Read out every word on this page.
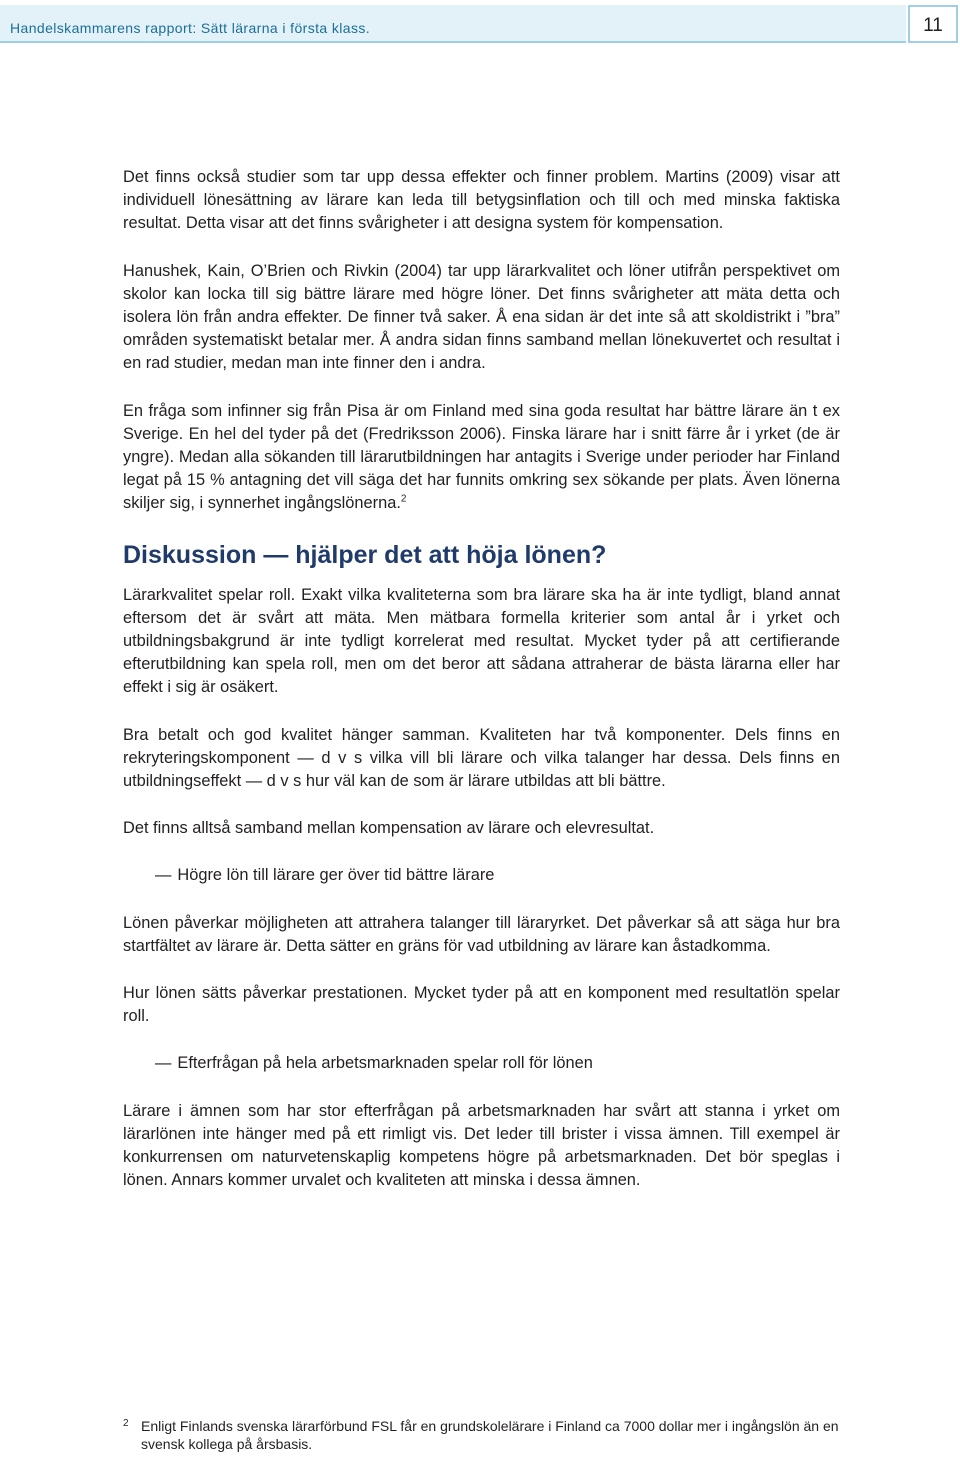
Handelskammarens rapport: Sätt lärarna i första klass.	11

Det finns också studier som tar upp dessa effekter och finner problem. Martins (2009) visar att individuell lönesättning av lärare kan leda till betygsinflation och till och med minska faktiska resultat. Detta visar att det finns svårigheter i att designa system för kompensation.

Hanushek, Kain, O’Brien och Rivkin (2004) tar upp lärarkvalitet och löner utifrån perspektivet om skolor kan locka till sig bättre lärare med högre löner. Det finns svårigheter att mäta detta och isolera lön från andra effekter. De finner två saker. Å ena sidan är det inte så att skoldistrikt i ”bra” områden systematiskt betalar mer. Å andra sidan finns samband mellan lönekuvertet och resultat i en rad studier, medan man inte finner den i andra.

En fråga som infinner sig från Pisa är om Finland med sina goda resultat har bättre lärare än t ex Sverige. En hel del tyder på det (Fredriksson 2006). Finska lärare har i snitt färre år i yrket (de är yngre). Medan alla sökanden till lärarutbildningen har antagits i Sverige under perioder har Finland legat på 15 % antagning det vill säga det har funnits omkring sex sökande per plats. Även lönerna skiljer sig, i synnerhet ingångslönerna.$^2$

Diskussion — hjälper det att höja lönen?

Lärarkvalitet spelar roll. Exakt vilka kvaliteterna som bra lärare ska ha är inte tydligt, bland annat eftersom det är svårt att mäta. Men mätbara formella kriterier som antal år i yrket och utbildningsbakgrund är inte tydligt korrelerat med resultat. Mycket tyder på att certifierande efterutbildning kan spela roll, men om det beror att sådana attraherar de bästa lärarna eller har effekt i sig är osäkert.

Bra betalt och god kvalitet hänger samman. Kvaliteten har två komponenter. Dels finns en rekryteringskomponent — d v s vilka vill bli lärare och vilka talanger har dessa. Dels finns en utbildningseffekt — d v s hur väl kan de som är lärare utbildas att bli bättre.

Det finns alltså samband mellan kompensation av lärare och elevresultat.

— Högre lön till lärare ger över tid bättre lärare

Lönen påverkar möjligheten att attrahera talanger till läraryrket. Det påverkar så att säga hur bra startfältet av lärare är. Detta sätter en gräns för vad utbildning av lärare kan åstadkomma.

Hur lönen sätts påverkar prestationen. Mycket tyder på att en komponent med resultatlön spelar roll.

— Efterfrågan på hela arbetsmarknaden spelar roll för lönen

Lärare i ämnen som har stor efterfrågan på arbetsmarknaden har svårt att stanna i yrket om lärarlönen inte hänger med på ett rimligt vis. Det leder till brister i vissa ämnen. Till exempel är konkurrensen om naturvetenskaplig kompetens högre på arbetsmarknaden. Det bör speglas i lönen. Annars kommer urvalet och kvaliteten att minska i dessa ämnen.

2 Enligt Finlands svenska lärarförbund FSL får en grundskolelärare i Finland ca 7000 dollar mer i ingångslön än en svensk kollega på årsbasis.
